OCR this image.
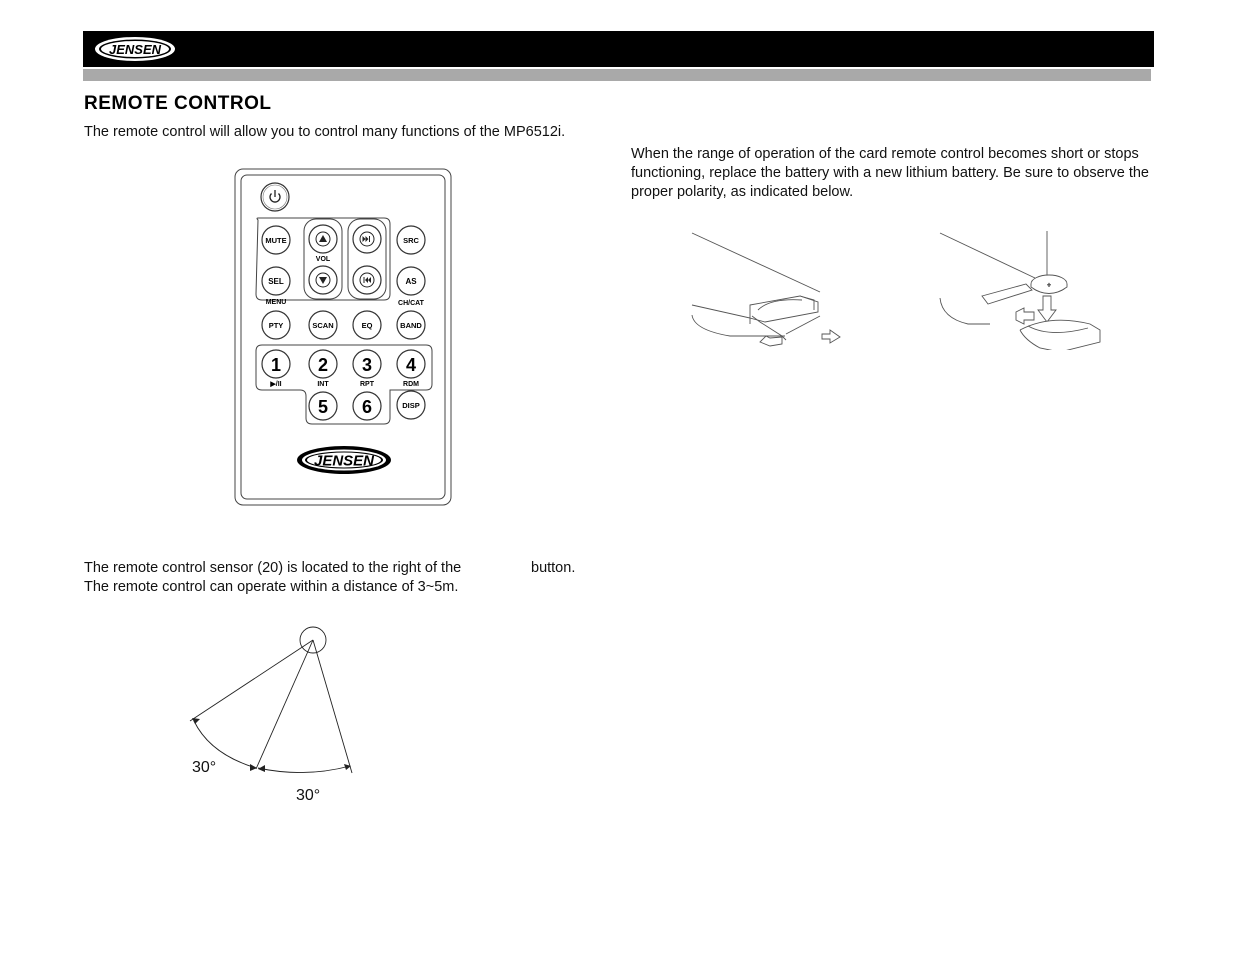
JENSEN
REMOTE CONTROL
The remote control will allow you to control many functions of the MP6512i.
When the range of operation of the card remote control becomes short or stops functioning, replace the battery with a new lithium battery. Be sure to observe the proper polarity, as indicated below.
The remote control sensor (20) is located to the right of the	button.
The remote control can operate within a distance of 3~5m.
MUTE
VOL
SRC
SEL
MENU
AS
CH/CAT
PTY	SCAN	EQ	BAND
1
▶/II
2
INT
3
RPT
4
RDM
5 6	DISP
JENSEN
+
30°
30°
